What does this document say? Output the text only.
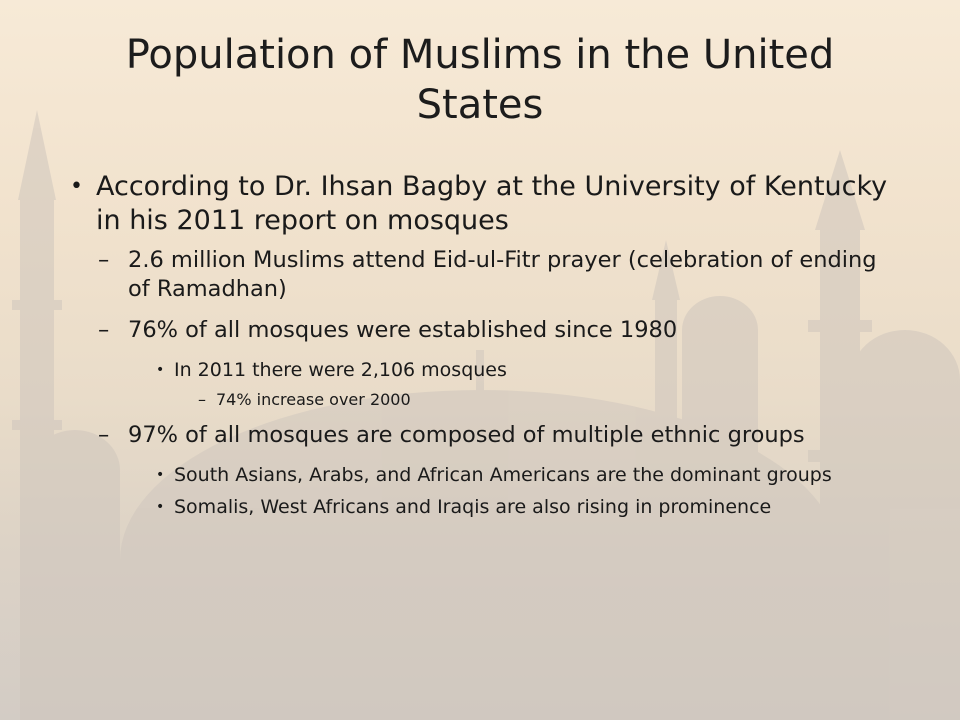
Population of Muslims in the United States
• According to Dr. Ihsan Bagby at the University of Kentucky in his 2011 report on mosques
– 2.6 million Muslims attend Eid-ul-Fitr prayer (celebration of ending of Ramadhan)
– 76% of all mosques were established since 1980
• In 2011 there were 2,106 mosques
– 74% increase over 2000
– 97% of all mosques are composed of multiple ethnic groups
• South Asians, Arabs, and African Americans are the dominant groups
• Somalis, West Africans and Iraqis are also rising in prominence
